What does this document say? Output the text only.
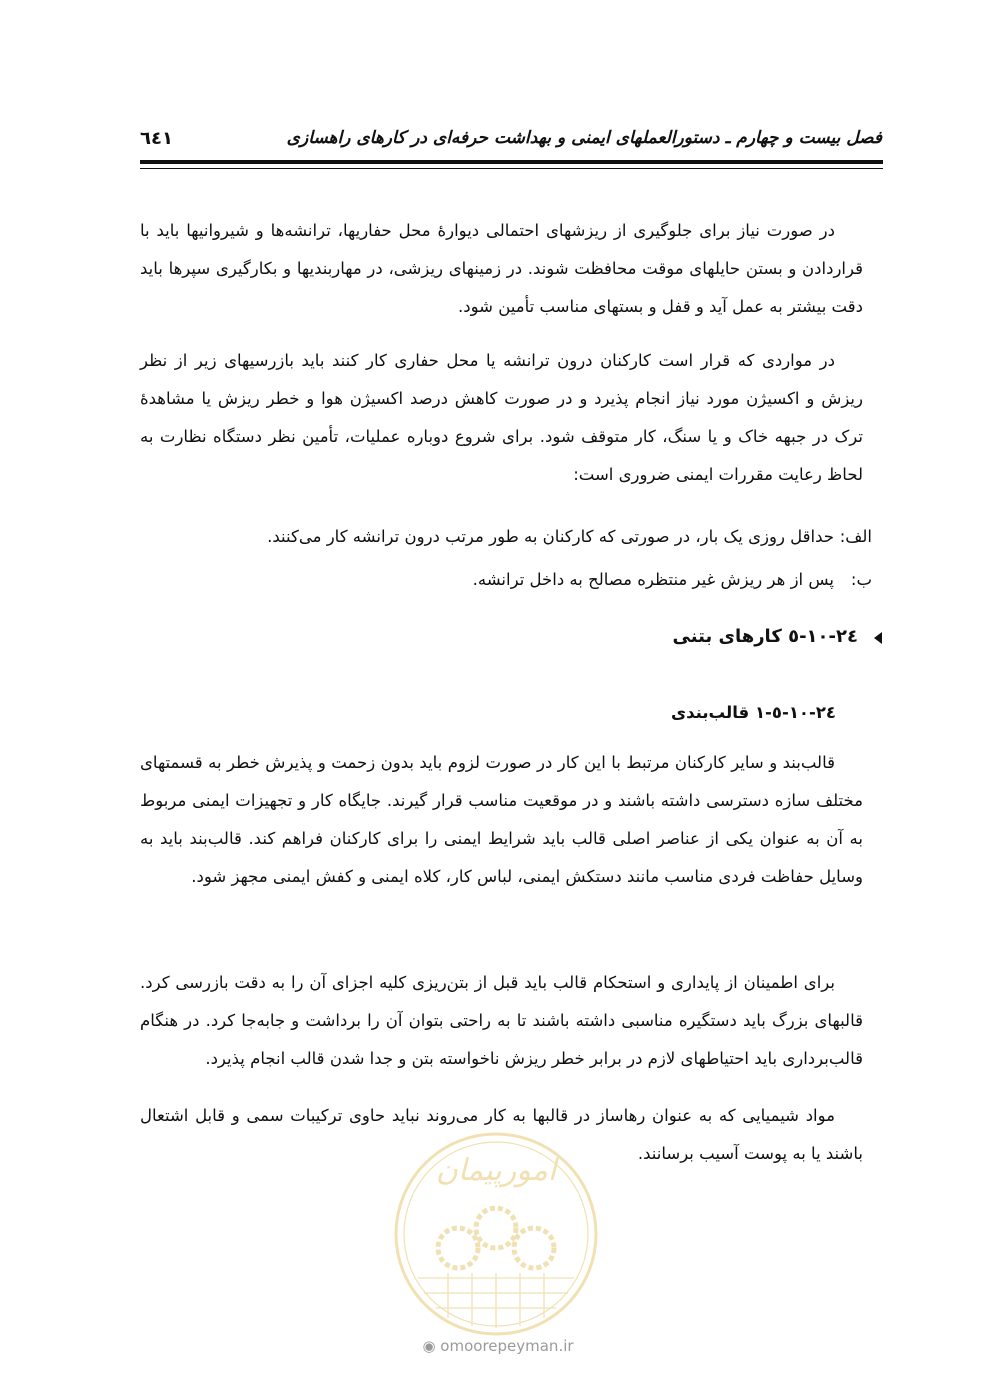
فصل بیست و چهارم ـ دستورالعملهای ایمنی و بهداشت حرفه‌ای در کارهای راهسازی
٦٤١

در صورت نیاز برای جلوگیری از ریزشهای احتمالی دیوارۀ محل حفاریها، ترانشه‌ها و شیروانیها باید با قراردادن و بستن حایلهای موقت محافظت شوند. در زمینهای ریزشی، در مهاربندیها و بکارگیری سپرها باید دقت بیشتر به عمل آید و قفل و بستهای مناسب تأمین شود.

در مواردی که قرار است کارکنان درون ترانشه یا محل حفاری کار کنند باید بازرسیهای زیر از نظر ریزش و اکسیژن مورد نیاز انجام پذیرد و در صورت کاهش درصد اکسیژن هوا و خطر ریزش یا مشاهدۀ ترک در جبهه خاک و یا سنگ، کار متوقف شود. برای شروع دوباره عملیات، تأمین نظر دستگاه نظارت به لحاظ رعایت مقررات ایمنی ضروری است:

الف:حداقل روزی یک بار، در صورتی که کارکنان به طور مرتب درون ترانشه کار می‌کنند.
ب:پس از هر ریزش غیر منتظره مصالح به داخل ترانشه.
٢٤-١٠-٥ کارهای بتنی
٢٤-١٠-٥-١ قالب‌بندی

قالب‌بند و سایر کارکنان مرتبط با این کار در صورت لزوم باید بدون زحمت و پذیرش خطر به قسمتهای مختلف سازه دسترسی داشته باشند و در موقعیت مناسب قرار گیرند. جایگاه کار و تجهیزات ایمنی مربوط به آن به عنوان یکی از عناصر اصلی قالب باید شرایط ایمنی را برای کارکنان فراهم کند. قالب‌بند باید به وسایل حفاظت فردی مناسب مانند دستکش ایمنی، لباس کار، کلاه ایمنی و کفش ایمنی مجهز شود.

برای اطمینان از پایداری و استحکام قالب باید قبل از بتن‌ریزی کلیه اجزای آن را به دقت بازرسی کرد. قالبهای بزرگ باید دستگیره مناسبی داشته باشند تا به راحتی بتوان آن را برداشت و جابه‌جا کرد. در هنگام قالب‌برداری باید احتیاطهای لازم در برابر خطر ریزش ناخواسته بتن و جدا شدن قالب انجام پذیرد.

مواد شیمیایی که به عنوان رهاساز در قالبها به کار می‌روند نباید حاوی ترکیبات سمی و قابل اشتعال باشند یا به پوست آسیب برسانند.

امورپیمان
◉ omoorepeyman.ir
